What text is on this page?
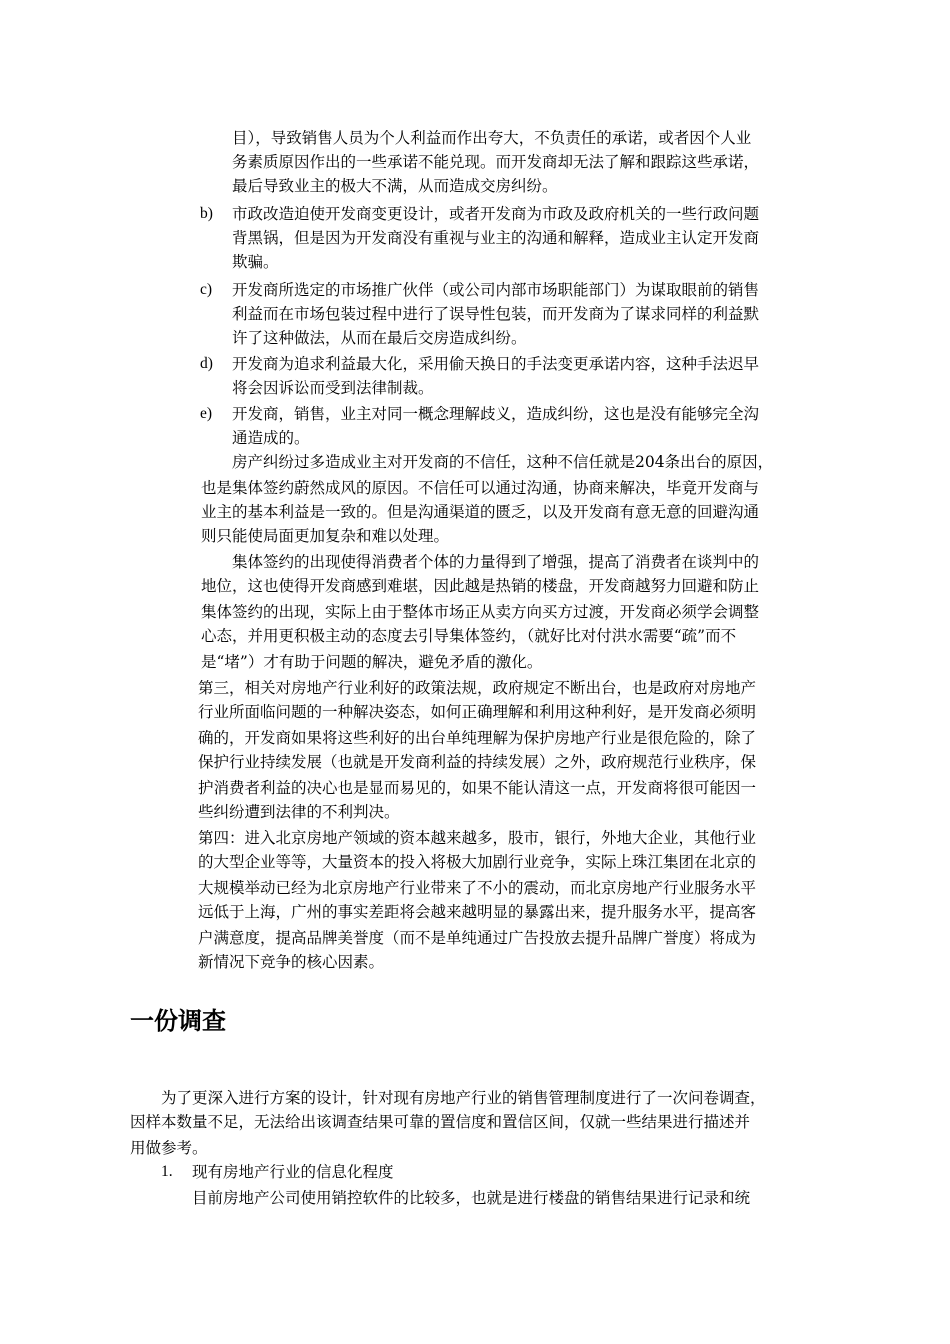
目），导致销售人员为个人利益而作出夸大，不负责任的承诺，或者因个人业
务素质原因作出的一些承诺不能兑现。而开发商却无法了解和跟踪这些承诺，
最后导致业主的极大不满，从而造成交房纠纷。
b) 市政改造迫使开发商变更设计，或者开发商为市政及政府机关的一些行政问题
背黑锅，但是因为开发商没有重视与业主的沟通和解释，造成业主认定开发商
欺骗。
c) 开发商所选定的市场推广伙伴（或公司内部市场职能部门）为谋取眼前的销售
利益而在市场包装过程中进行了误导性包装，而开发商为了谋求同样的利益默
许了这种做法，从而在最后交房造成纠纷。
d) 开发商为追求利益最大化，采用偷天换日的手法变更承诺内容，这种手法迟早
将会因诉讼而受到法律制裁。
e) 开发商，销售，业主对同一概念理解歧义，造成纠纷，这也是没有能够完全沟
通造成的。
房产纠纷过多造成业主对开发商的不信任，这种不信任就是204条出台的原因，
也是集体签约蔚然成风的原因。不信任可以通过沟通，协商来解决，毕竟开发商与
业主的基本利益是一致的。但是沟通渠道的匮乏，以及开发商有意无意的回避沟通
则只能使局面更加复杂和难以处理。
集体签约的出现使得消费者个体的力量得到了增强，提高了消费者在谈判中的
地位，这也使得开发商感到难堪，因此越是热销的楼盘，开发商越努力回避和防止
集体签约的出现，实际上由于整体市场正从卖方向买方过渡，开发商必须学会调整
心态，并用更积极主动的态度去引导集体签约，（就好比对付洪水需要“疏”而不
是“堵”）才有助于问题的解决，避免矛盾的激化。
第三，相关对房地产行业利好的政策法规，政府规定不断出台，也是政府对房地产
行业所面临问题的一种解决姿态，如何正确理解和利用这种利好，是开发商必须明
确的，开发商如果将这些利好的出台单纯理解为保护房地产行业是很危险的，除了
保护行业持续发展（也就是开发商利益的持续发展）之外，政府规范行业秩序，保
护消费者利益的决心也是显而易见的，如果不能认清这一点，开发商将很可能因一
些纠纷遭到法律的不利判决。
第四：进入北京房地产领域的资本越来越多，股市，银行，外地大企业，其他行业
的大型企业等等，大量资本的投入将极大加剧行业竞争，实际上珠江集团在北京的
大规模举动已经为北京房地产行业带来了不小的震动，而北京房地产行业服务水平
远低于上海，广州的事实差距将会越来越明显的暴露出来，提升服务水平，提高客
户满意度，提高品牌美誉度（而不是单纯通过广告投放去提升品牌广誉度）将成为
新情况下竞争的核心因素。
一份调查
为了更深入进行方案的设计，针对现有房地产行业的销售管理制度进行了一次问卷调查，
因样本数量不足，无法给出该调查结果可靠的置信度和置信区间，仅就一些结果进行描述并
用做参考。
1. 现有房地产行业的信息化程度
目前房地产公司使用销控软件的比较多，也就是进行楼盘的销售结果进行记录和统
